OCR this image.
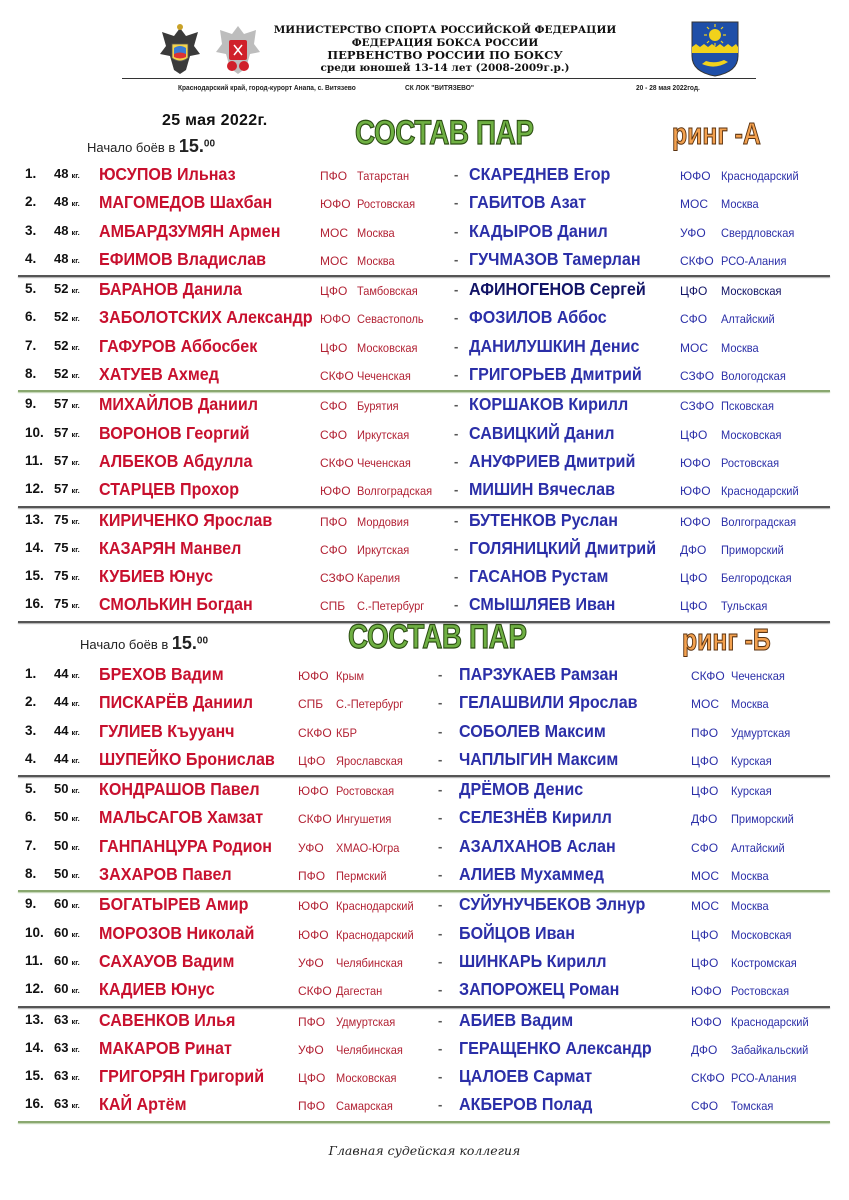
МИНИСТЕРСТВО СПОРТА РОССИЙСКОЙ ФЕДЕРАЦИИ
ФЕДЕРАЦИЯ БОКСА РОССИИ
ПЕРВЕНСТВО РОССИИ ПО БОКСУ
среди юношей 13-14 лет (2008-2009г.р.)
Краснодарский край, город-курорт Анапа, с. Витязево	СК ЛОК "ВИТЯЗЕВО"	20 - 28 мая 2022год.
25 мая 2022г.
Начало боёв в 15.00	СОСТАВ ПАР	ринг -А
1. 48 кг. ЮСУПОВ Ильназ	ПФО Татарстан	- СКАРЕДНЕВ Егор	ЮФО Краснодарский
2. 48 кг. МАГОМЕДОВ Шахбан	ЮФО Ростовская	- ГАБИТОВ Азат	МОС Москва
3. 48 кг. АМБАРДЗУМЯН Армен	МОС Москва	- КАДЫРОВ Данил	УФО Свердловская
4. 48 кг. ЕФИМОВ Владислав	МОС Москва	- ГУЧМАЗОВ Тамерлан	СКФО РСО-Алания
5. 52 кг. БАРАНОВ Данила	ЦФО Тамбовская	- АФИНОГЕНОВ Сергей	ЦФО Московская
6. 52 кг. ЗАБОЛОТСКИХ Александр ЮФО Севастополь - ФОЗИЛОВ Аббос	СФО Алтайский
7. 52 кг. ГАФУРОВ Аббосбек	ЦФО Московская	- ДАНИЛУШКИН Денис	МОС Москва
8. 52 кг. ХАТУЕВ Ахмед	СКФО Чеченская	- ГРИГОРЬЕВ Дмитрий	СЗФО Вологодская
9. 57 кг. МИХАЙЛОВ Даниил	СФО Бурятия	- КОРШАКОВ Кирилл	СЗФО Псковская
10. 57 кг. ВОРОНОВ Георгий	СФО Иркутская	- САВИЦКИЙ Данил	ЦФО Московская
11. 57 кг. АЛБЕКОВ Абдулла	СКФО Чеченская	- АНУФРИЕВ Дмитрий	ЮФО Ростовская
12. 57 кг. СТАРЦЕВ Прохор	ЮФО Волгоградская - МИШИН Вячеслав	ЮФО Краснодарский
13. 75 кг. КИРИЧЕНКО Ярослав	ПФО Мордовия	- БУТЕНКОВ Руслан	ЮФО Волгоградская
14. 75 кг. КАЗАРЯН Манвел	СФО Иркутская	- ГОЛЯНИЦКИЙ Дмитрий ДФО Приморский
15. 75 кг. КУБИЕВ Юнус	СЗФО Карелия	- ГАСАНОВ Рустам	ЦФО Белгородская
16. 75 кг. СМОЛЬКИН Богдан	СПБ С.-Петербург - СМЫШЛЯЕВ Иван	ЦФО Тульская
Начало боёв в 15.00	СОСТАВ ПАР	ринг -Б
1. 44 кг. БРЕХОВ Вадим	ЮФО Крым	- ПАРЗУКАЕВ Рамзан	СКФО Чеченская
2. 44 кг. ПИСКАРЁВ Даниил	СПБ С.-Петербург	- ГЕЛАШВИЛИ Ярослав	МОС Москва
3. 44 кг. ГУЛИЕВ Къууанч	СКФО КБР	- СОБОЛЕВ Максим	ПФО Удмуртская
4. 44 кг. ШУПЕЙКО Бронислав ЦФО Ярославская	- ЧАПЛЫГИН Максим	ЦФО Курская
5. 50 кг. КОНДРАШОВ Павел	ЮФО Ростовская	- ДРЁМОВ Денис	ЦФО Курская
6. 50 кг. МАЛЬСАГОВ Хамзат	СКФО Ингушетия	- СЕЛЕЗНЁВ Кирилл	ДФО Приморский
7. 50 кг. ГАНПАНЦУРА Родион УФО ХМАО-Югра	- АЗАЛХАНОВ Аслан	СФО Алтайский
8. 50 кг. ЗАХАРОВ Павел	ПФО Пермский	- АЛИЕВ Мухаммед	МОС Москва
9. 60 кг. БОГАТЫРЕВ Амир	ЮФО Краснодарский - СУЙУНУЧБЕКОВ Элнур	МОС Москва
10. 60 кг. МОРОЗОВ Николай	ЮФО Краснодарский - БОЙЦОВ Иван	ЦФО Московская
11. 60 кг. САХАУОВ Вадим	УФО Челябинская	- ШИНКАРЬ Кирилл	ЦФО Костромская
12. 60 кг. КАДИЕВ Юнус	СКФО Дагестан	- ЗАПОРОЖЕЦ Роман	ЮФО Ростовская
13. 63 кг. САВЕНКОВ Илья	ПФО Удмуртская	- АБИЕВ Вадим	ЮФО Краснодарский
14. 63 кг. МАКАРОВ Ринат	УФО Челябинская	- ГЕРАЩЕНКО Александр	ДФО Забайкальский
15. 63 кг. ГРИГОРЯН Григорий	ЦФО Московская	- ЦАЛОЕВ Сармат	СКФО РСО-Алания
16. 63 кг. КАЙ Артём	ПФО Самарская	- АКБЕРОВ Полад	СФО Томская
Главная судейская коллегия
